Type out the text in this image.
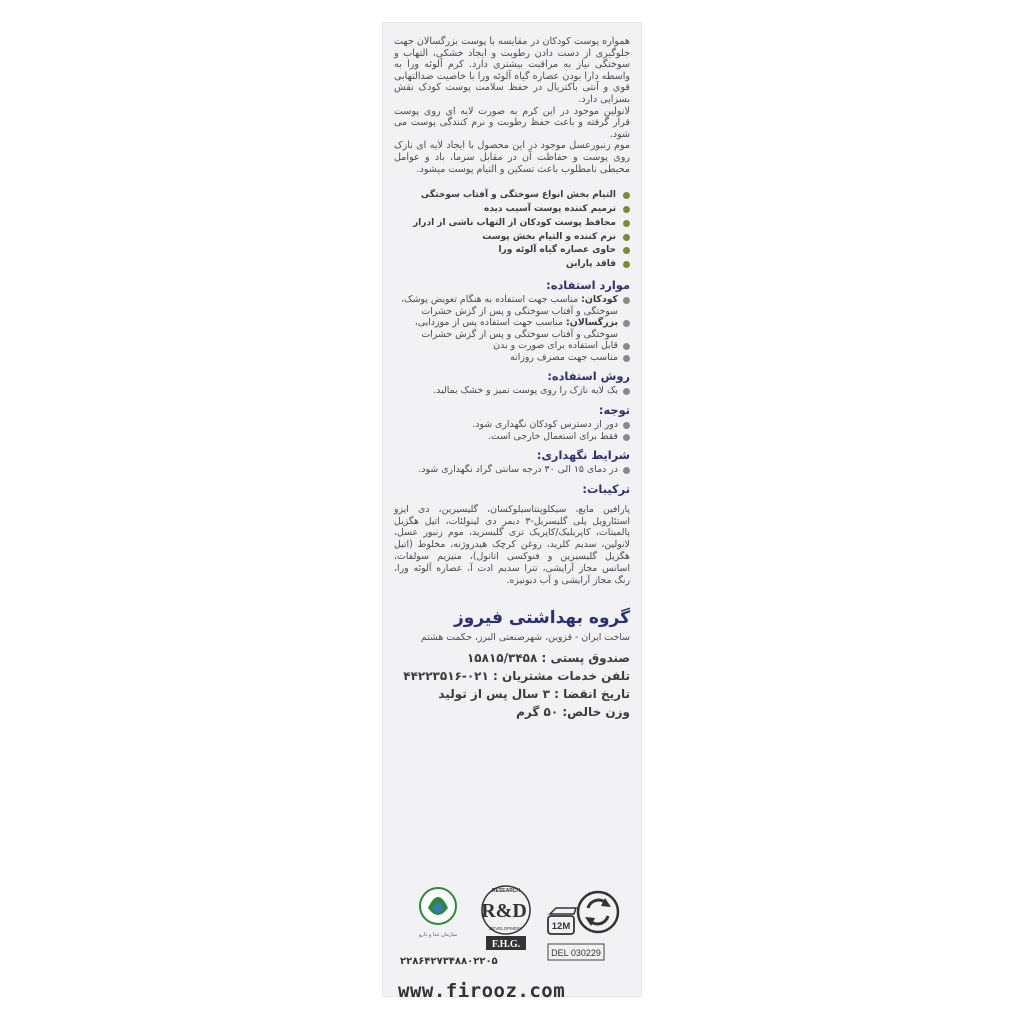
همواره پوست کودکان در مقایسه با پوست بزرگسالان جهت جلوگیری از دست دادن رطوبت و ایجاد خشکی، التهاب و سوختگی نیاز به مراقبت بیشتری دارد. کرم آلوئه ورا به واسطه دارا بودن عصاره گیاه آلوئه ورا با خاصیت ضدالتهابی قوی و آنتی باکتریال در حفظ سلامت پوست کودک نقش بسزایی دارد.

لانولین موجود در این کرم به صورت لایه ای روی پوست قرار گرفته و باعث حفظ رطوبت و نرم کنندگی پوست می شود.

موم زنبورعسل موجود در این محصول با ایجاد لایه ای نازک روی پوست و حفاظت آن در مقابل سرما، باد و عوامل محیطی نامطلوب باعث تسکین و التیام پوست میشود.

التیام بخش انواع سوختگی و آفتاب سوختگی
ترمیم کننده پوست آسیب دیده
محافظ پوست کودکان از التهاب ناشی از ادرار
نرم کننده و التیام بخش پوست
حاوی عصاره گیاه آلوئه ورا
فاقد پارابن
موارد استفاده:

کودکان: مناسب جهت استفاده به هنگام تعویض پوشک، سوختگی و آفتاب سوختگی و پس از گزش حشرات

بزرگسالان: مناسب جهت استفاده پس از موزدایی، سوختگی و آفتاب سوختگی و پس از گزش حشرات

قابل استفاده برای صورت و بدن

مناسب جهت مصرف روزانه

روش استفاده:

یک لایه نازک را روی پوست تمیز و خشک بمالید.

توجه:

دور از دسترس کودکان نگهداری شود.

فقط برای استعمال خارجی است.

شرایط نگهداری:

در دمای ۱۵ الی ۳۰ درجه سانتی گراد نگهداری شود.

ترکیبات:

پارافین مایع، سیکلوپنتاسیلوکسان، گلیسیرین، دی ایزو استئارویل پلی گلیسریل-۳ دیمر دی لینولئات، اتیل هگزیل پالمیتات، کاپریلیک/کاپریک تری گلیسرید، موم زنبور عسل، لانولین، سدیم کلرید، روغن کرچک هیدروژنه، مخلوط (اتیل هگزیل گلیسیرین و فنوکسی اتانول)، منیزیم سولفات، اسانس مجاز آرایشی، تترا سدیم ادت آ، عصاره آلوئه ورا، رنگ مجاز آرایشی و آب دیونیزه.

گروه بهداشتی فیروز

ساخت ایران - قزوین، شهرصنعتی البرز، حکمت هشتم

صندوق پستی : ۱۵۸۱۵/۳۴۵۸

تلفن خدمات مشتریان : ۰۲۱-۴۴۲۲۳۵۱۶

تاریخ انقضا : ۳ سال پس از تولید

وزن خالص: ۵۰ گرم

12M
DEL 030229
RESEARCH
R&D
DEVELOPMENT
F.H.G.
سازمان غذا و دارو
۲۲۸۶۴۲۷۳۴۸۸۰۲۲۰۵
www.firooz.com
